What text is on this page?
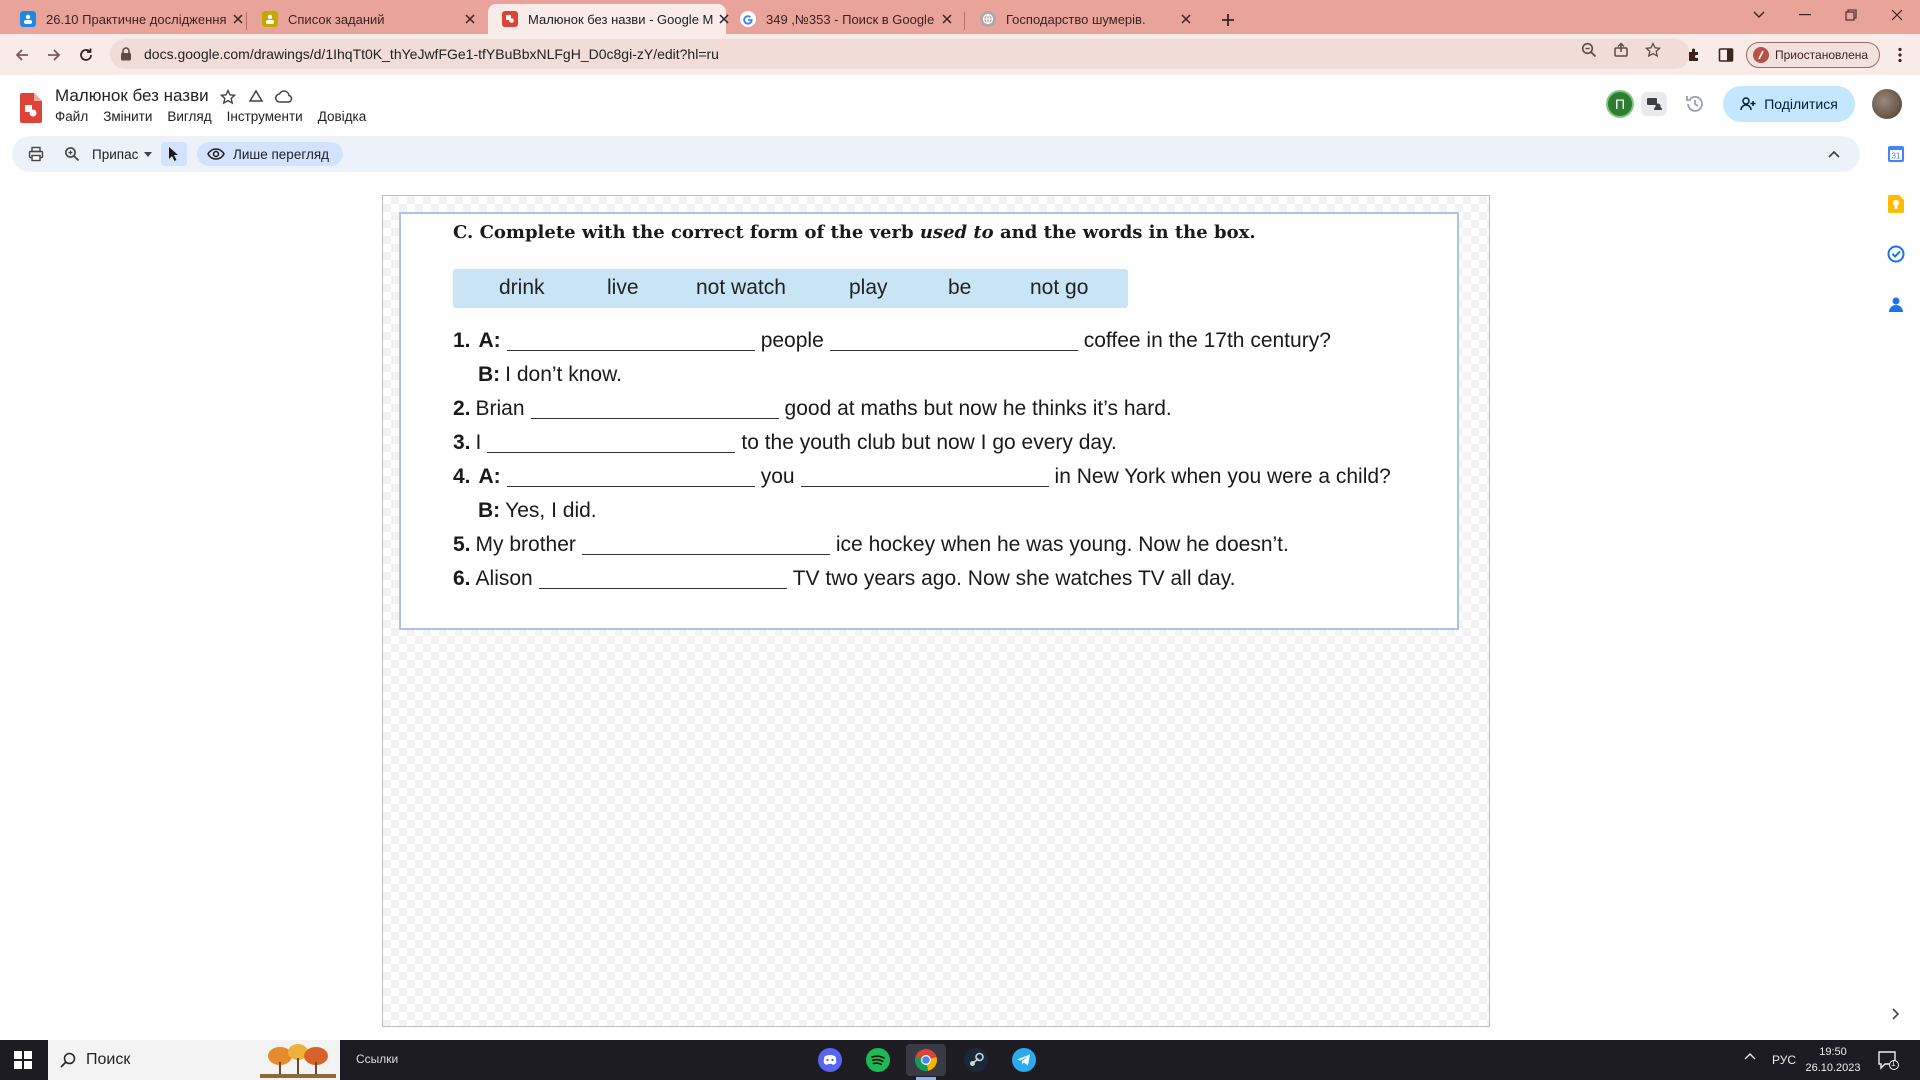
26.10 Практичне дослідження	Список заданий	Малюнок без назви - Google M	349 ,№353 - Поиск в Google	Господарство шумерів.
docs.google.com/drawings/d/1IhqTt0K_thYeJwfFGe1-tfYBuBbxNLFgH_D0c8gi-zY/edit?hl=ru	Приостановлена
Малюнок без назви
Файл Змінити Вигляд Інструменти Довідка
П	Поділитися
Припас	Лише перегляд	31
C. Complete with the correct form of the verb used to and the words in the box.
drink	live	not watch	play	be	not go
1. A:	people	coffee in the 17th century?
B: I don’t know.
2. Brian	good at maths but now he thinks it’s hard.
3. I	to the youth club but now I go every day.
4. A:	you	in New York when you were a child?
B: Yes, I did.
5. My brother	ice hockey when he was young. Now he doesn’t.
6. Alison	TV two years ago. Now she watches TV all day.
Поиск	Ссылки	РУС
19:50
26.10.2023	1
